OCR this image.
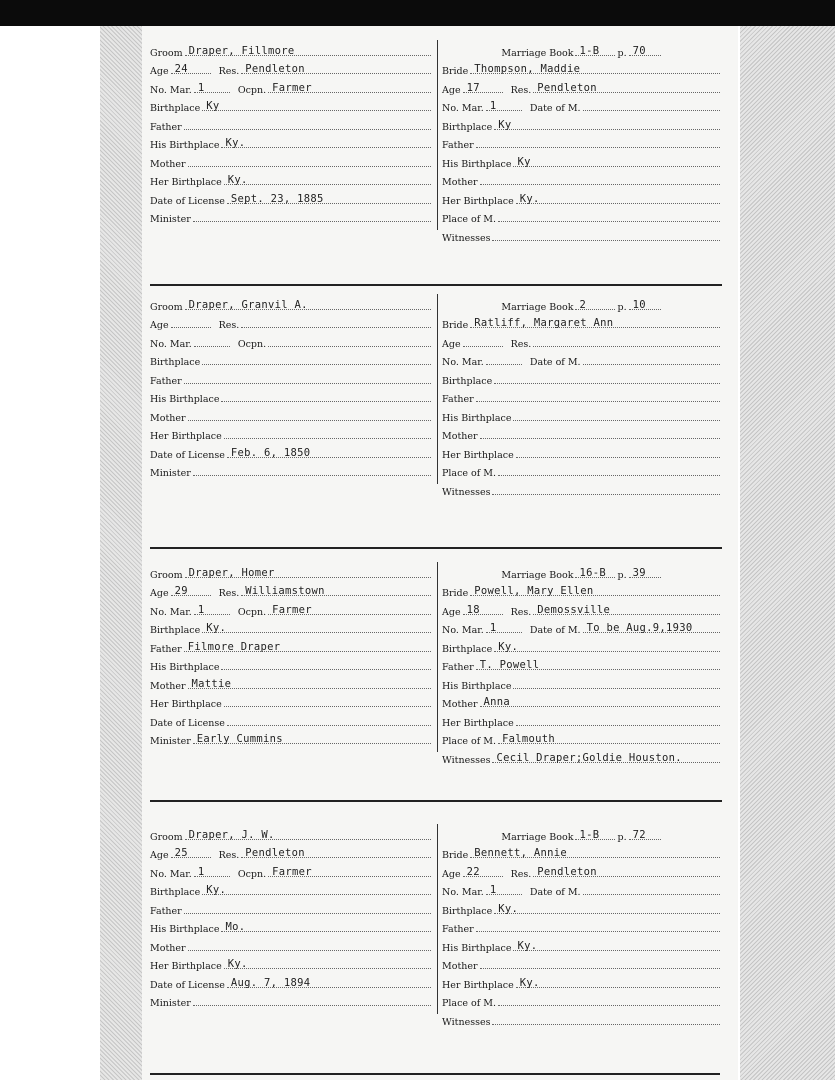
Groom Draper, Fillmore
Age 24	Res. Pendleton
No. Mar. 1	Ocpn. Farmer
Birthplace Ky
Father
His Birthplace Ky.
Mother
Her Birthplace Ky.
Date of License Sept. 23, 1885
Minister
Marriage Book 1-B p. 70
Bride Thompson, Maddie
Age 17	Res. Pendleton
No. Mar. 1	Date of M.
Birthplace Ky
Father
His Birthplace Ky
Mother
Her Birthplace Ky.
Place of M.
Witnesses
Groom Draper, Granvil A.
Age	Res.
No. Mar.	Ocpn.
Birthplace
Father
His Birthplace
Mother
Her Birthplace
Date of License Feb. 6, 1850
Minister
Marriage Book 2	p. 10
Bride Ratliff, Margaret Ann
Age	Res.
No. Mar.	Date of M.
Birthplace
Father
His Birthplace
Mother
Her Birthplace
Place of M.
Witnesses
Groom Draper, Homer
Age 29	Res. Williamstown
No. Mar. 1	Ocpn. Farmer
Birthplace Ky.
Father Filmore Draper
His Birthplace
Mother Mattie
Her Birthplace
Date of License
Minister Early Cummins
Marriage Book 16-B p. 39
Bride Powell, Mary Ellen
Age 18	Res. Demossville
No. Mar. 1	Date of M. To be Aug.9,1930
Birthplace Ky.
Father T. Powell
His Birthplace
Mother Anna
Her Birthplace
Place of M. Falmouth
Witnesses Cecil Draper;Goldie Houston.
Groom Draper, J. W.
Age 25	Res. Pendleton
No. Mar. 1	Ocpn. Farmer
Birthplace Ky.
Father
His Birthplace Mo.
Mother
Her Birthplace Ky.
Date of License Aug. 7, 1894
Minister
Marriage Book 1-B p. 72
Bride Bennett, Annie
Age 22	Res. Pendleton
No. Mar. 1	Date of M.
Birthplace Ky.
Father
His Birthplace Ky.
Mother
Her Birthplace Ky.
Place of M.
Witnesses
